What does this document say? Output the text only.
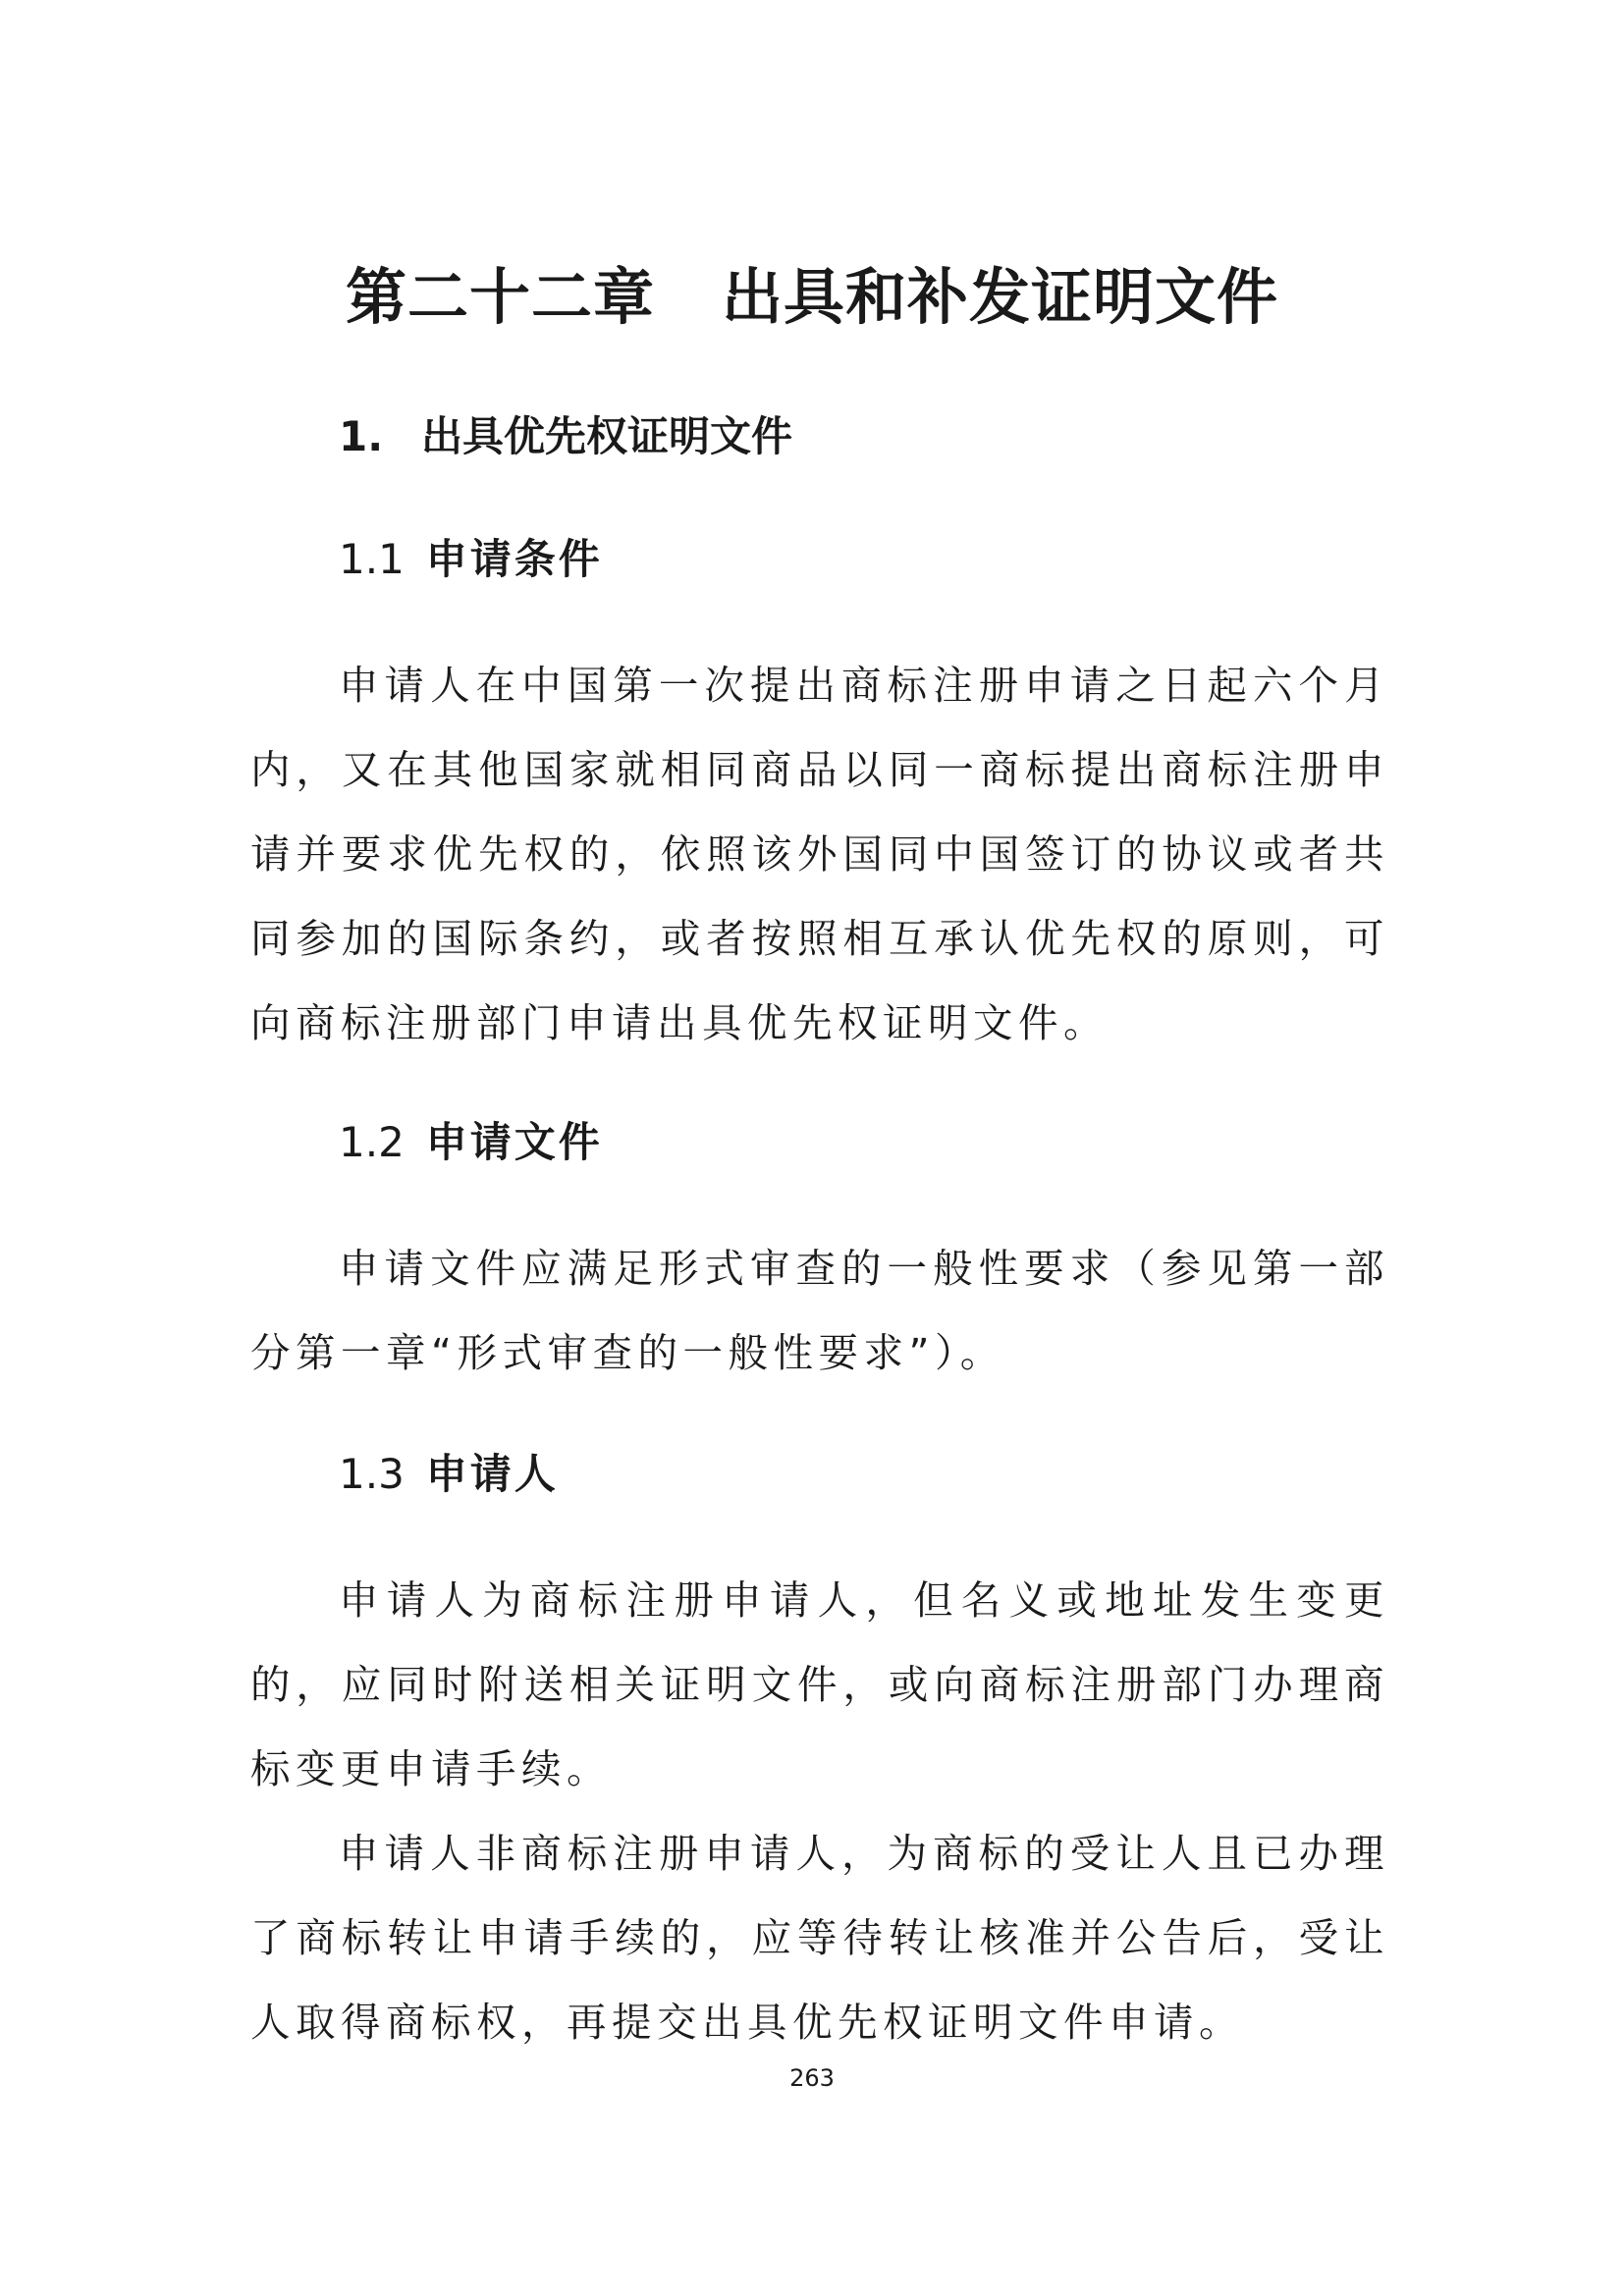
第二十二章 出具和补发证明文件
1. 出具优先权证明文件
1.1 申请条件

申请人在中国第一次提出商标注册申请之日起六个月内，又在其他国家就相同商品以同一商标提出商标注册申请并要求优先权的，依照该外国同中国签订的协议或者共同参加的国际条约，或者按照相互承认优先权的原则，可向商标注册部门申请出具优先权证明文件。

1.2 申请文件

申请文件应满足形式审查的一般性要求（参见第一部分第一章“形式审查的一般性要求”）。

1.3 申请人

申请人为商标注册申请人，但名义或地址发生变更的，应同时附送相关证明文件，或向商标注册部门办理商标变更申请手续。

申请人非商标注册申请人，为商标的受让人且已办理了商标转让申请手续的，应等待转让核准并公告后，受让人取得商标权，再提交出具优先权证明文件申请。

263
